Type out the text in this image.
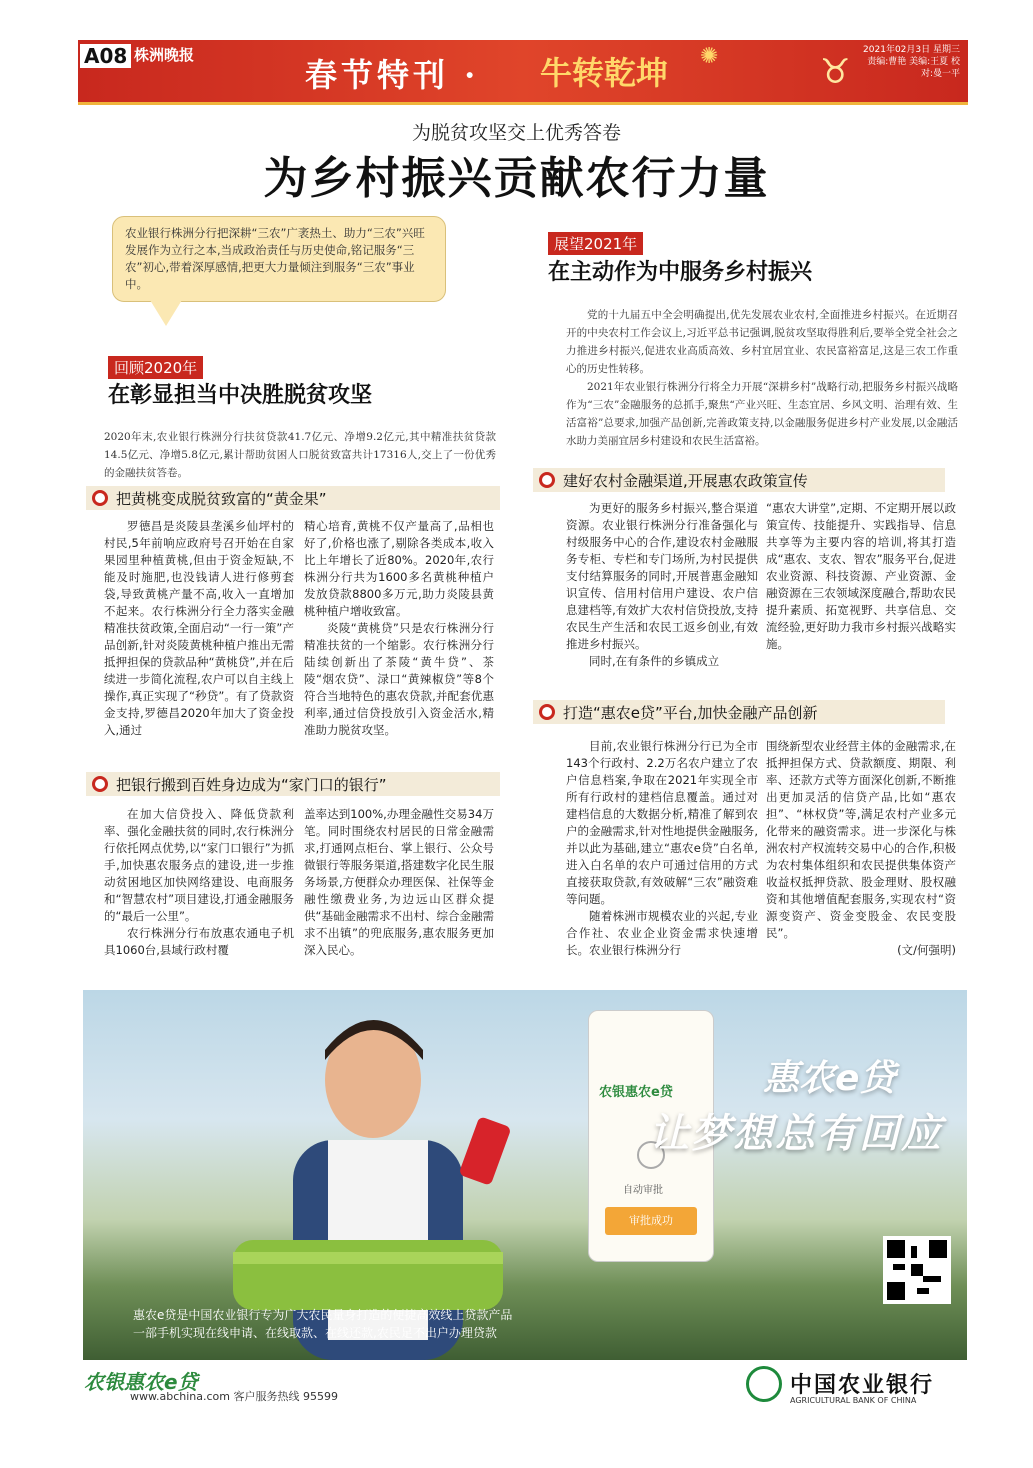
A08 株洲晚报
春节特刊 · 牛转乾坤 ✺	♉
2021年02月3日 星期三
责编:曹艳 美编:王夏 校对:曼一平
为脱贫攻坚交上优秀答卷
为乡村振兴贡献农行力量
农业银行株洲分行把深耕“三农”广袤热土、助力“三农”兴旺发展作为立行之本,当成政治责任与历史使命,铭记服务“三农”初心,带着深厚感情,把更大力量倾注到服务“三农”事业中。
回顾2020年
在彰显担当中决胜脱贫攻坚
2020年末,农业银行株洲分行扶贫贷款41.7亿元、净增9.2亿元,其中精准扶贫贷款14.5亿元、净增5.8亿元,累计帮助贫困人口脱贫致富共计17316人,交上了一份优秀的金融扶贫答卷。
展望2021年
在主动作为中服务乡村振兴
党的十九届五中全会明确提出,优先发展农业农村,全面推进乡村振兴。在近期召开的中央农村工作会议上,习近平总书记强调,脱贫攻坚取得胜利后,要举全党全社会之力推进乡村振兴,促进农业高质高效、乡村宜居宜业、农民富裕富足,这是三农工作重心的历史性转移。
2021年农业银行株洲分行将全力开展“深耕乡村”战略行动,把服务乡村振兴战略作为“三农”金融服务的总抓手,聚焦“产业兴旺、生态宜居、乡风文明、治理有效、生活富裕”总要求,加强产品创新,完善政策支持,以金融服务促进乡村产业发展,以金融活水助力美丽宜居乡村建设和农民生活富裕。
把黄桃变成脱贫致富的“黄金果”
罗德昌是炎陵县垄溪乡仙坪村的村民,5年前响应政府号召开始在自家果园里种植黄桃,但由于资金短缺,不能及时施肥,也没钱请人进行修剪套袋,导致黄桃产量不高,收入一直增加不起来。农行株洲分行全力落实金融精准扶贫政策,全面启动“一行一策”产品创新,针对炎陵黄桃种植户推出无需抵押担保的贷款品种“黄桃贷”,并在后续进一步简化流程,农户可以自主线上操作,真正实现了“秒贷”。有了贷款资金支持,罗德昌2020年加大了资金投入,通过
精心培育,黄桃不仅产量高了,品相也好了,价格也涨了,剔除各类成本,收入比上年增长了近80%。2020年,农行株洲分行共为1600多名黄桃种植户发放贷款8800多万元,助力炎陵县黄桃种植户增收致富。
炎陵“黄桃贷”只是农行株洲分行精准扶贫的一个缩影。农行株洲分行陆续创新出了茶陵“黄牛贷”、茶陵“烟农贷”、渌口“黄辣椒贷”等8个符合当地特色的惠农贷款,并配套优惠利率,通过信贷投放引入资金活水,精准助力脱贫攻坚。
把银行搬到百姓身边成为“家门口的银行”
在加大信贷投入、降低贷款利率、强化金融扶贫的同时,农行株洲分行依托网点优势,以“家门口银行”为抓手,加快惠农服务点的建设,进一步推动贫困地区加快网络建设、电商服务和“智慧农村”项目建设,打通金融服务的“最后一公里”。
农行株洲分行布放惠农通电子机具1060台,县域行政村覆
盖率达到100%,办理金融性交易34万笔。同时围绕农村居民的日常金融需求,打通网点柜台、掌上银行、公众号微银行等服务渠道,搭建数字化民生服务场景,方便群众办理医保、社保等金融性缴费业务,为边远山区群众提供“基础金融需求不出村、综合金融需求不出镇”的兜底服务,惠农服务更加深入民心。
建好农村金融渠道,开展惠农政策宣传
为更好的服务乡村振兴,整合渠道资源。农业银行株洲分行准备强化与村级服务中心的合作,建设农村金融服务专柜、专栏和专门场所,为村民提供支付结算服务的同时,开展普惠金融知识宣传、信用村信用户建设、农户信息建档等,有效扩大农村信贷投放,支持农民生产生活和农民工返乡创业,有效推进乡村振兴。
同时,在有条件的乡镇成立
“惠农大讲堂”,定期、不定期开展以政策宣传、技能提升、实践指导、信息共享等为主要内容的培训,将其打造成“惠农、支农、智农”服务平台,促进农业资源、科技资源、产业资源、金融资源在三农领域深度融合,帮助农民提升素质、拓宽视野、共享信息、交流经验,更好助力我市乡村振兴战略实施。
打造“惠农e贷”平台,加快金融产品创新
目前,农业银行株洲分行已为全市143个行政村、2.2万名农户建立了农户信息档案,争取在2021年实现全市所有行政村的建档信息覆盖。通过对建档信息的大数据分析,精准了解到农户的金融需求,针对性地提供金融服务,并以此为基础,建立“惠农e贷”白名单,进入白名单的农户可通过信用的方式直接获取贷款,有效破解“三农”融资难等问题。
随着株洲市规模农业的兴起,专业合作社、农业企业资金需求快速增长。农业银行株洲分行
围绕新型农业经营主体的金融需求,在抵押担保方式、贷款额度、期限、利率、还款方式等方面深化创新,不断推出更加灵活的信贷产品,比如“惠农担”、“林权贷”等,满足农村产业多元化带来的融资需求。进一步深化与株洲农村产权流转交易中心的合作,积极为农村集体组织和农民提供集体资产收益权抵押贷款、股金理财、股权融资和其他增值配套服务,实现农村“资源变资产、资金变股金、农民变股民”。
(文/何强明)
农银惠农e贷
自动审批
审批成功
惠农e贷
让梦想总有回应
惠农e贷是中国农业银行专为广大农民量身打造的便捷高效线上贷款产品
一部手机实现在线申请、在线取款、在线还款,农民足不出户办理贷款
农银惠农e贷
www.abchina.com 客户服务热线 95599	中国农业银行
AGRICULTURAL BANK OF CHINA
